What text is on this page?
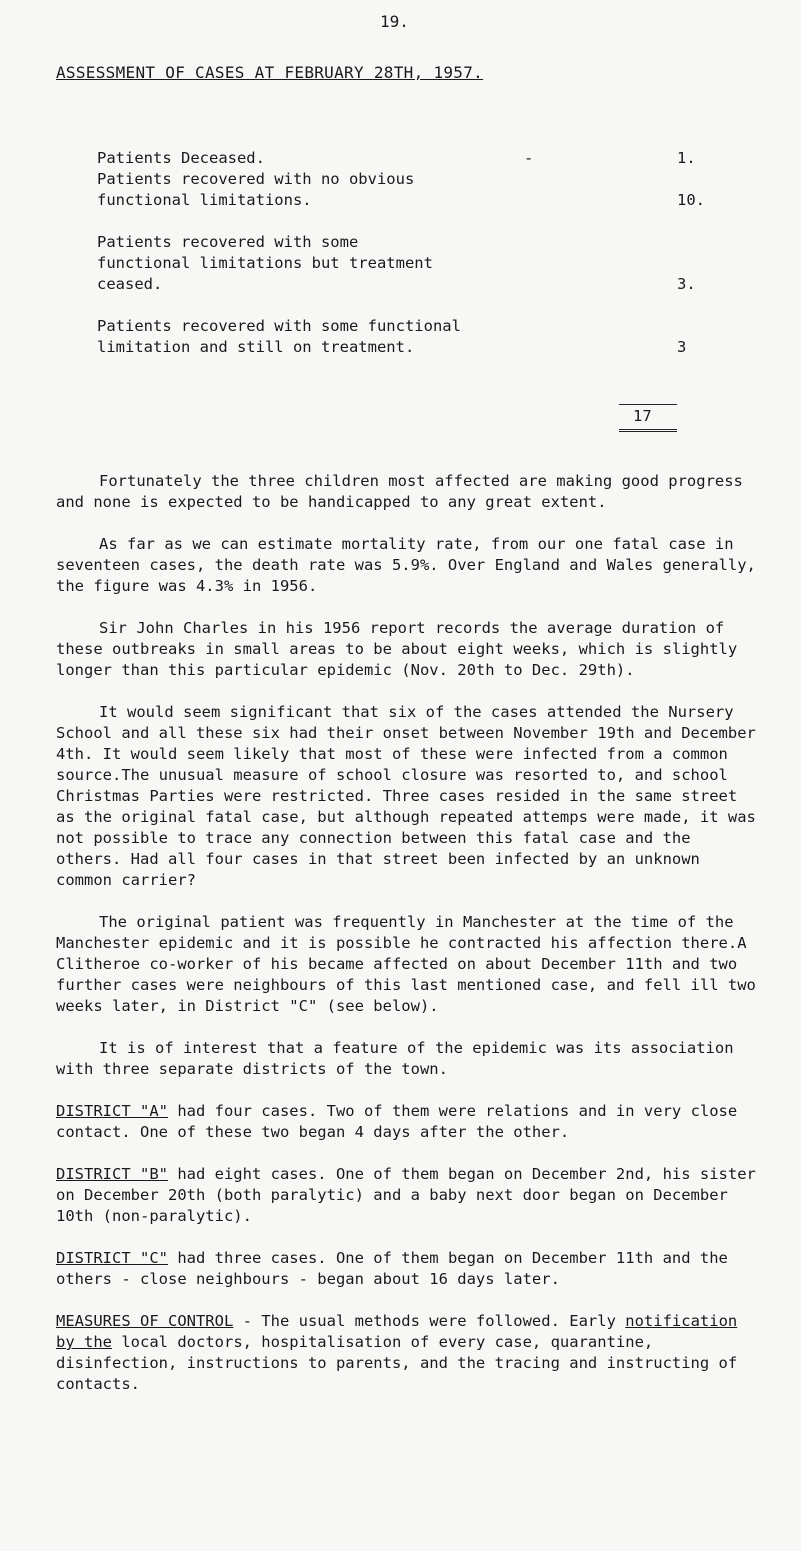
19.
ASSESSMENT OF CASES AT FEBRUARY 28TH, 1957.
Patients Deceased.	-	1.
Patients recovered with no obvious
functional limitations.	10.
Patients recovered with some
functional limitations but treatment
ceased.	3.
Patients recovered with some functional
limitation and still on treatment.	3
17

Fortunately the three children most affected are making good progress and none is expected to be handicapped to any great extent.

As far as we can estimate mortality rate, from our one fatal case in seventeen cases, the death rate was 5.9%. Over England and Wales generally, the figure was 4.3% in 1956.

Sir John Charles in his 1956 report records the average duration of these outbreaks in small areas to be about eight weeks, which is slightly longer than this particular epidemic (Nov. 20th to Dec. 29th).

It would seem significant that six of the cases attended the Nursery School and all these six had their onset between November 19th and December 4th. It would seem likely that most of these were infected from a common source.The unusual measure of school closure was resorted to, and school Christmas Parties were restricted. Three cases resided in the same street as the original fatal case, but although repeated attemps were made, it was not possible to trace any connection between this fatal case and the others. Had all four cases in that street been infected by an unknown common carrier?

The original patient was frequently in Manchester at the time of the Manchester epidemic and it is possible he contracted his affection there.A Clitheroe co-worker of his became affected on about December 11th and two further cases were neighbours of this last mentioned case, and fell ill two weeks later, in District "C" (see below).

It is of interest that a feature of the epidemic was its association with three separate districts of the town.

DISTRICT "A" had four cases. Two of them were relations and in very close contact. One of these two began 4 days after the other.

DISTRICT "B" had eight cases. One of them began on December 2nd, his sister on December 20th (both paralytic) and a baby next door began on December 10th (non-paralytic).

DISTRICT "C" had three cases. One of them began on December 11th and the others - close neighbours - began about 16 days later.

MEASURES OF CONTROL - The usual methods were followed. Early notification by the local doctors, hospitalisation of every case, quarantine, disinfection, instructions to parents, and the tracing and instructing of contacts.
